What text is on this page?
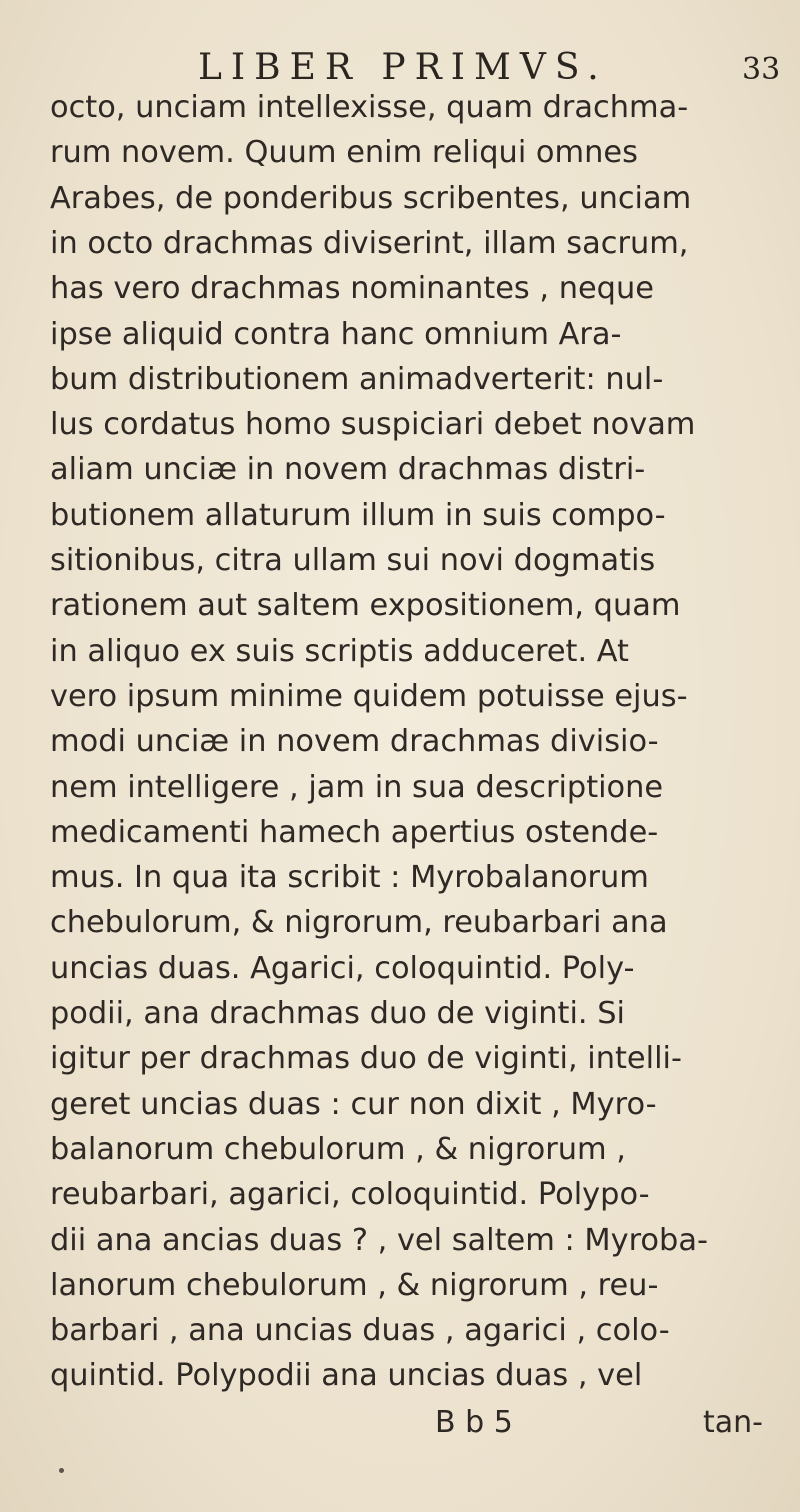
LIBER PRIMVS.	33
octo, unciam intellexisse, quam drachma-
rum novem. Quum enim reliqui omnes
Arabes, de ponderibus scribentes, unciam
in octo drachmas diviserint, illam sacrum,
has vero drachmas nominantes , neque
ipse aliquid contra hanc omnium Ara-
bum distributionem animadverterit: nul-
lus cordatus homo suspiciari debet novam
aliam unciæ in novem drachmas distri-
butionem allaturum illum in suis compo-
sitionibus, citra ullam sui novi dogmatis
rationem aut saltem expositionem, quam
in aliquo ex suis scriptis adduceret. At
vero ipsum minime quidem potuisse ejus-
modi unciæ in novem drachmas divisio-
nem intelligere , jam in sua descriptione
medicamenti hamech apertius ostende-
mus. In qua ita scribit : Myrobalanorum
chebulorum, & nigrorum, reubarbari ana
uncias duas. Agarici, coloquintid. Poly-
podii, ana drachmas duo de viginti. Si
igitur per drachmas duo de viginti, intelli-
geret uncias duas : cur non dixit , Myro-
balanorum chebulorum , & nigrorum ,
reubarbari, agarici, coloquintid. Polypo-
dii ana ancias duas ? , vel saltem : Myroba-
lanorum chebulorum , & nigrorum , reu-
barbari , ana uncias duas , agarici , colo-
quintid. Polypodii ana uncias duas , vel
B b 5	tan-
